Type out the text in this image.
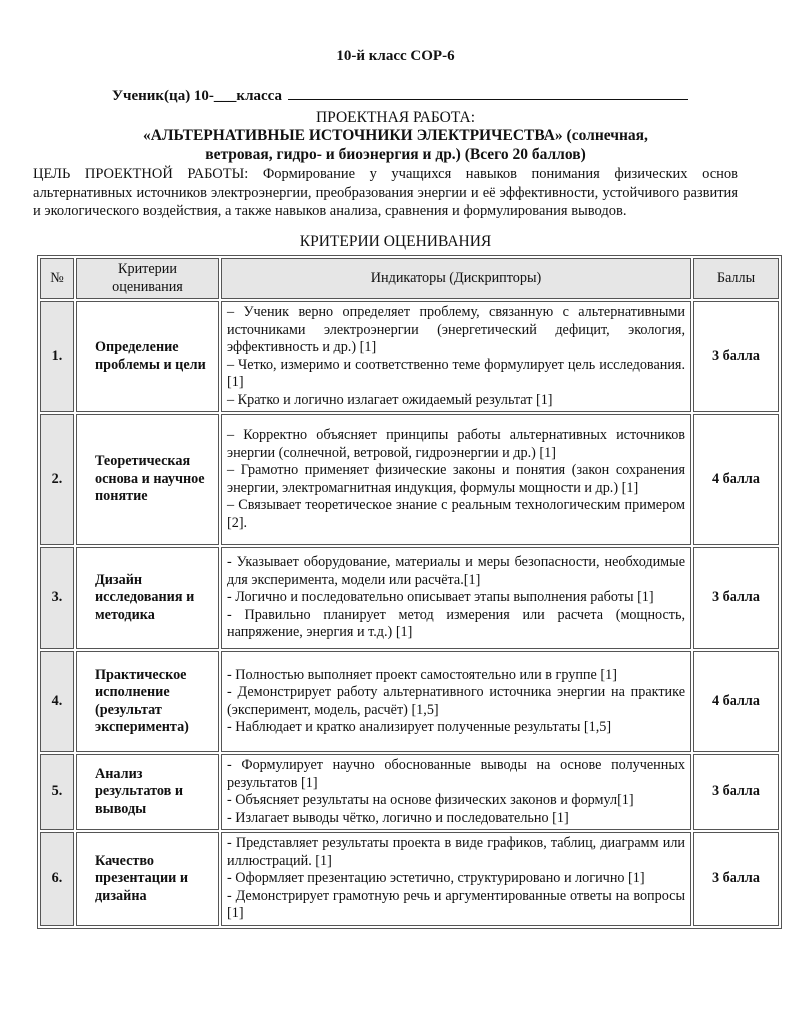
10-й класс СОР-6
Ученик(ца) 10-___класса
ПРОЕКТНАЯ РАБОТА:
«АЛЬТЕРНАТИВНЫЕ ИСТОЧНИКИ ЭЛЕКТРИЧЕСТВА» (солнечная,
ветровая, гидро- и биоэнергия и др.) (Всего 20 баллов)
ЦЕЛЬ ПРОЕКТНОЙ РАБОТЫ: Формирование у учащихся навыков понимания физических основ альтернативных источников электроэнергии, преобразования энергии и её эффективности, устойчивого развития и экологического воздействия, а также навыков анализа, сравнения и формулирования выводов.
КРИТЕРИИ ОЦЕНИВАНИЯ
№	Критерии оценивания	Индикаторы (Дискрипторы)	Баллы
1.	Определение проблемы и цели	– Ученик верно определяет проблему, связанную с альтернативными источниками электроэнергии (энергетический дефицит, экология, эффективность и др.) [1]
– Четко, измеримо и соответственно теме формулирует цель исследования.[1]
– Кратко и логично излагает ожидаемый результат [1]	3 балла
2.	Теоретическая основа и научное понятие	– Корректно объясняет принципы работы альтернативных источников энергии (солнечной, ветровой, гидроэнергии и др.) [1]
– Грамотно применяет физические законы и понятия (закон сохранения энергии, электромагнитная индукция, формулы мощности и др.) [1]
– Связывает теоретическое знание с реальным технологическим примером [2].	4 балла
3.	Дизайн исследования и методика	- Указывает оборудование, материалы и меры безопасности, необходимые для эксперимента, модели или расчёта.[1]
- Логично и последовательно описывает этапы выполнения работы [1]
- Правильно планирует метод измерения или расчета (мощность, напряжение, энергия и т.д.) [1]	3 балла
4.	Практическое исполнение (результат эксперимента)	- Полностью выполняет проект самостоятельно или в группе [1]
- Демонстрирует работу альтернативного источника энергии на практике (эксперимент, модель, расчёт) [1,5]
- Наблюдает и кратко анализирует полученные результаты [1,5]	4 балла
5.	Анализ результатов и выводы	- Формулирует научно обоснованные выводы на основе полученных результатов [1]
- Объясняет результаты на основе физических законов и формул[1]
- Излагает выводы чётко, логично и последовательно [1]	3 балла
6.	Качество презентации и дизайна	- Представляет результаты проекта в виде графиков, таблиц, диаграмм или иллюстраций. [1]
- Оформляет презентацию эстетично, структурировано и логично [1]
- Демонстрирует грамотную речь и аргументированные ответы на вопросы [1]	3 балла
